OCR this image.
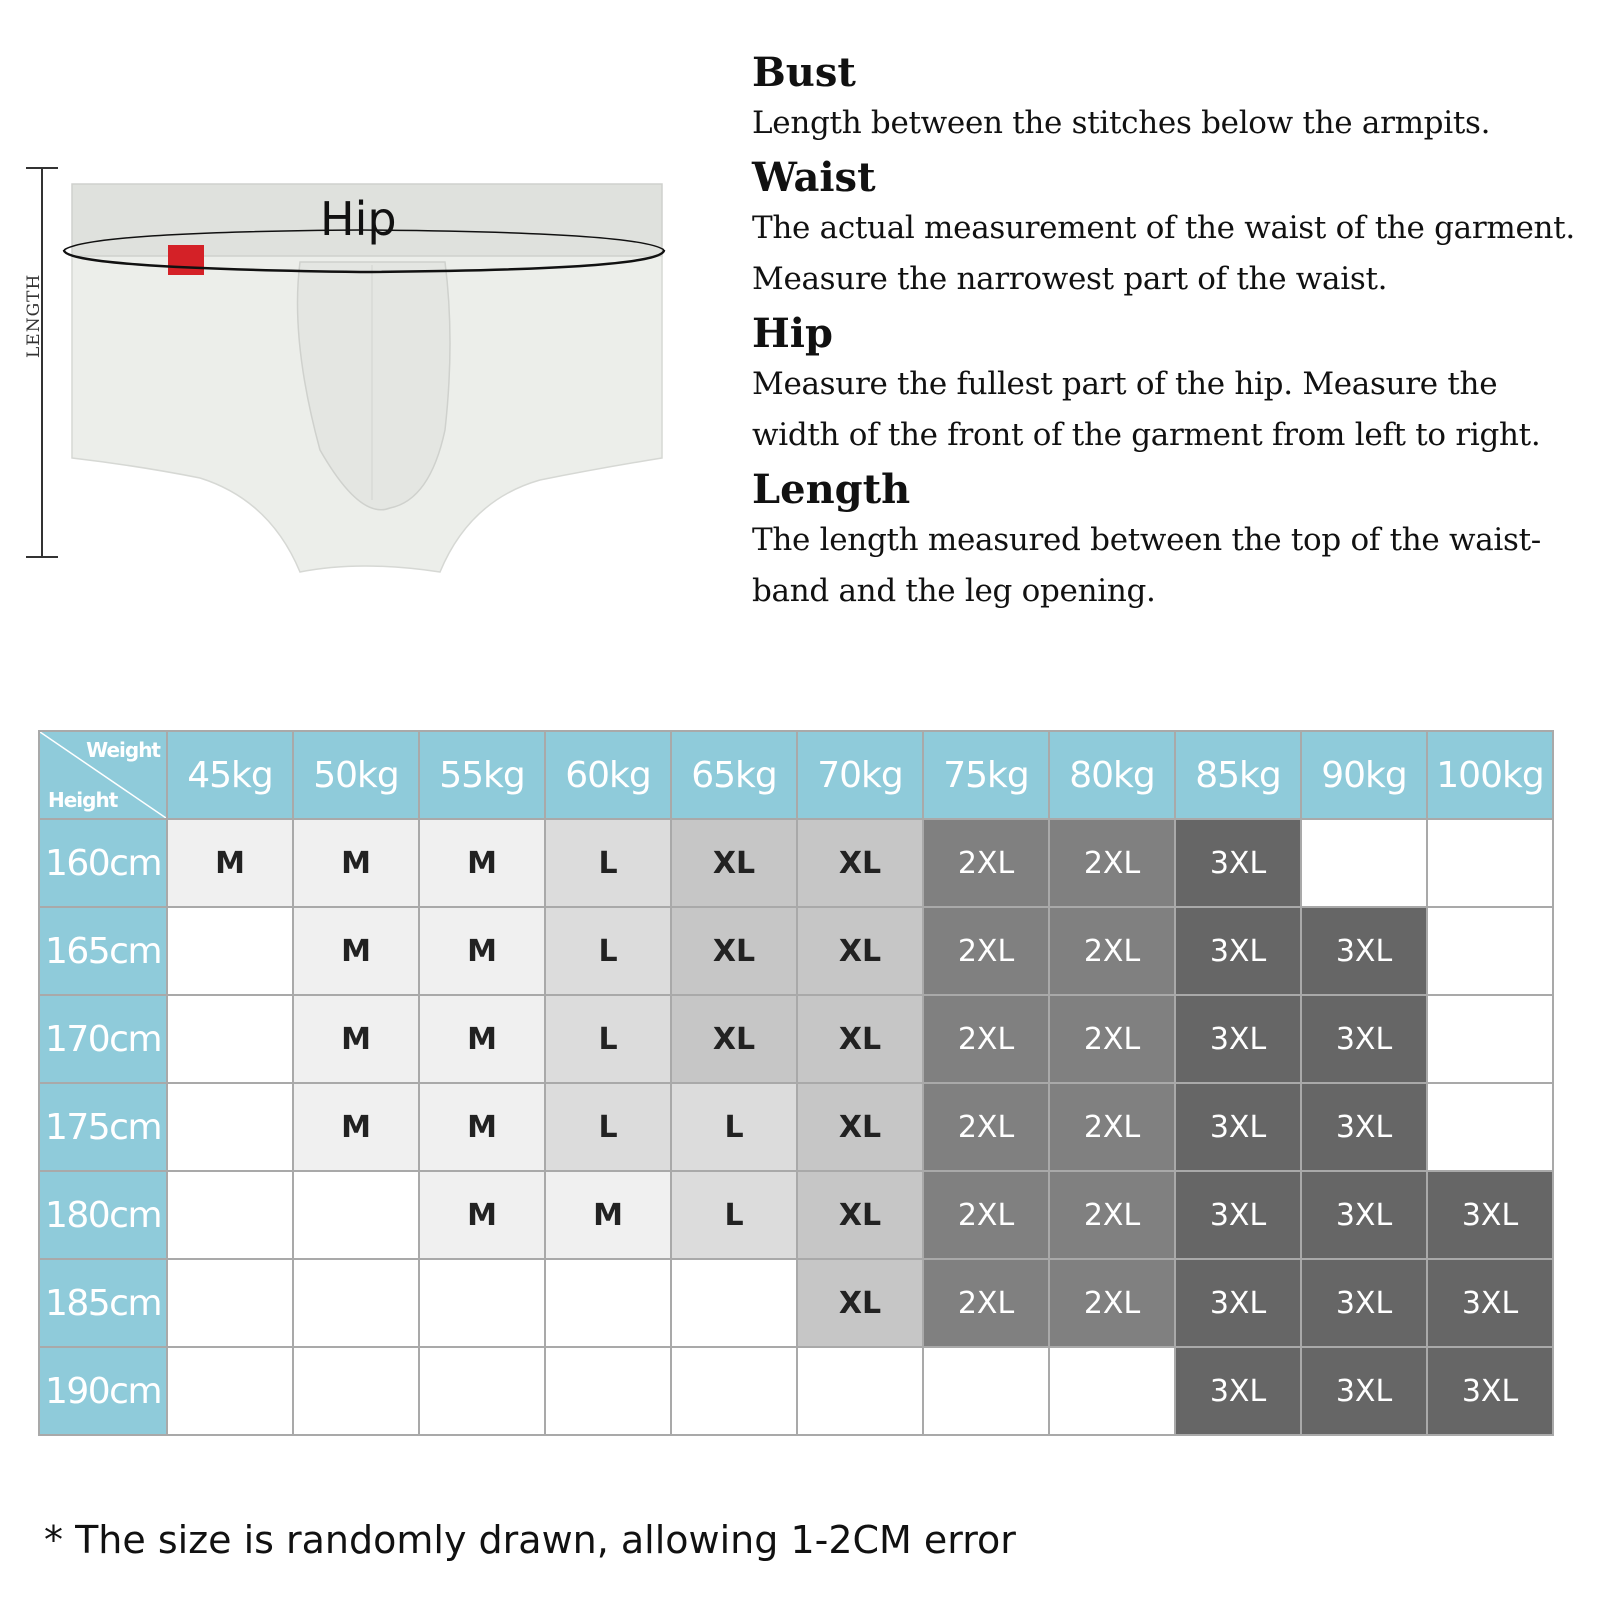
LENGTH
Hip

Bust

Length between the stitches below the armpits.

Waist

The actual measurement of the waist of the garment.

Measure the narrowest part of the waist.

Hip

Measure the fullest part of the hip. Measure the

width of the front of the garment from left to right.

Length

The length measured between the top of the waist-

band and the leg opening.

Weight
Height	45kg	50kg	55kg	60kg	65kg	70kg	75kg	80kg	85kg	90kg	100kg
160cm	M	M	M	L	XL	XL	2XL	2XL	3XL		
165cm		M	M	L	XL	XL	2XL	2XL	3XL	3XL	
170cm		M	M	L	XL	XL	2XL	2XL	3XL	3XL	
175cm		M	M	L	L	XL	2XL	2XL	3XL	3XL	
180cm			M	M	L	XL	2XL	2XL	3XL	3XL	3XL
185cm						XL	2XL	2XL	3XL	3XL	3XL
190cm									3XL	3XL	3XL
* The size is randomly drawn, allowing 1-2CM error
